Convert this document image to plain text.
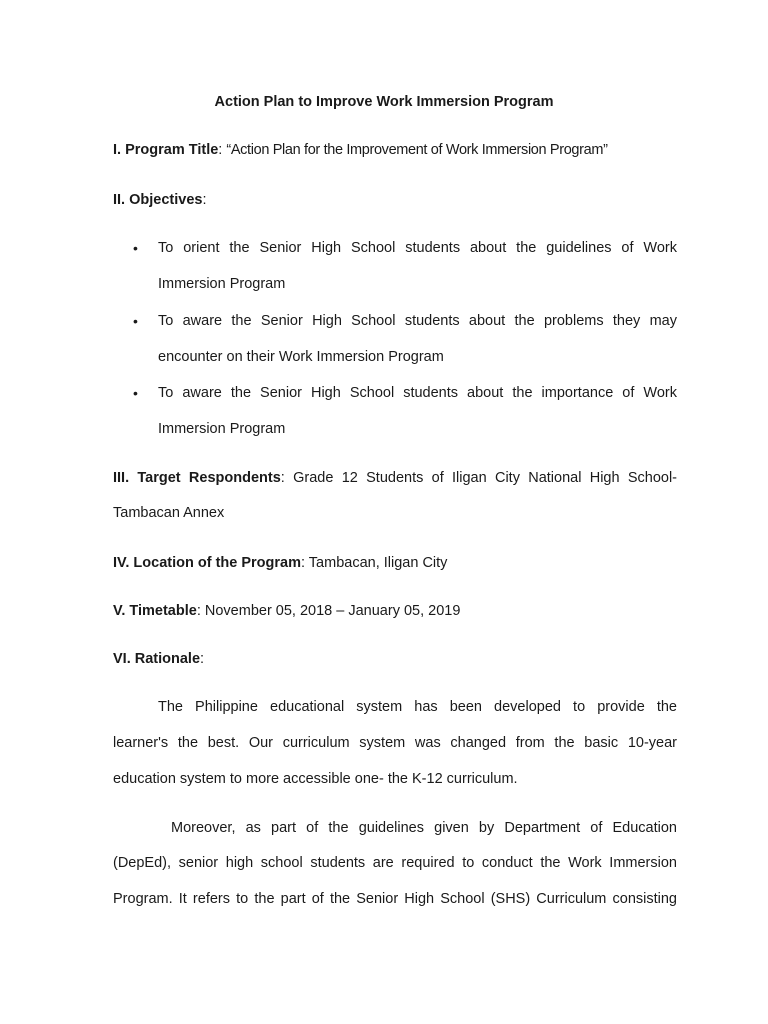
Action Plan to Improve Work Immersion Program
I. Program Title: “Action Plan for the Improvement of Work Immersion Program”
II. Objectives:
•	To orient the Senior High School students about the guidelines of Work
Immersion Program
•	To aware the Senior High School students about the problems they may
encounter on their Work Immersion Program
•	To aware the Senior High School students about the importance of Work
Immersion Program
III. Target Respondents: Grade 12 Students of Iligan City National High School-
Tambacan Annex
IV. Location of the Program: Tambacan, Iligan City
V. Timetable: November 05, 2018 – January 05, 2019
VI. Rationale:
The Philippine educational system has been developed to provide the
learner's the best. Our curriculum system was changed from the basic 10-year
education system to more accessible one- the K-12 curriculum.
Moreover, as part of the guidelines given by Department of Education
(DepEd), senior high school students are required to conduct the Work Immersion
Program. It refers to the part of the Senior High School (SHS) Curriculum consisting
